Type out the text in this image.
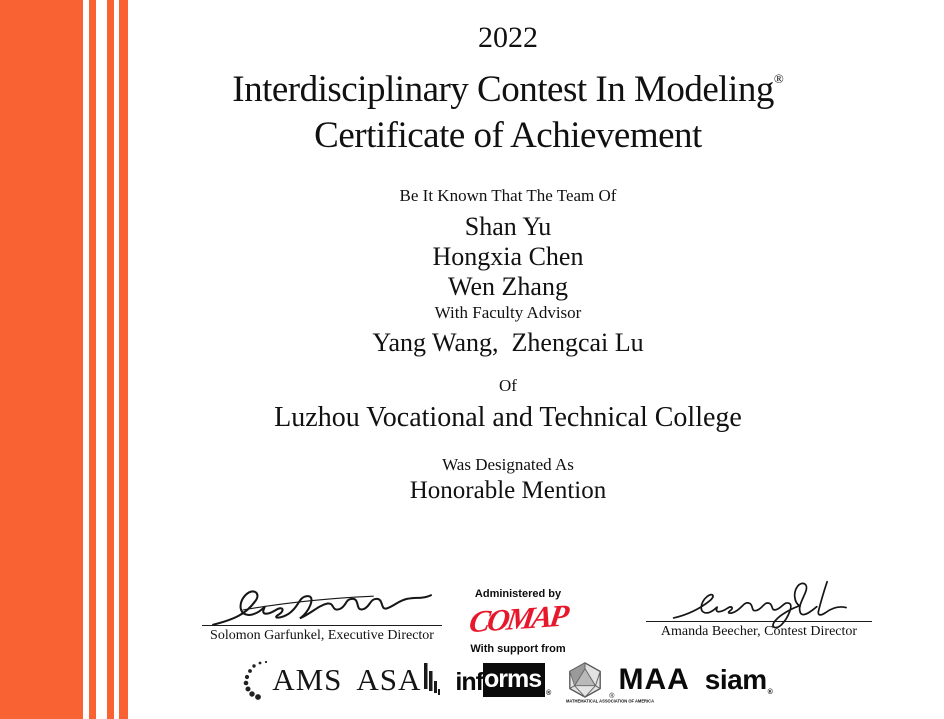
2022
Interdisciplinary Contest In Modeling®
Certificate of Achievement
Be It Known That The Team Of
Shan Yu
Hongxia Chen
Wen Zhang
With Faculty Advisor
Yang Wang,  Zhengcai Lu
Of
Luzhou Vocational and Technical College
Was Designated As
Honorable Mention
Solomon Garfunkel, Executive Director
Administered by
COMAP
With support from
Amanda Beecher, Contest Director
AMS ASA inf orms
®	®
MAA
MATHEMATICAL ASSOCIATION OF AMERICA
siam ®
